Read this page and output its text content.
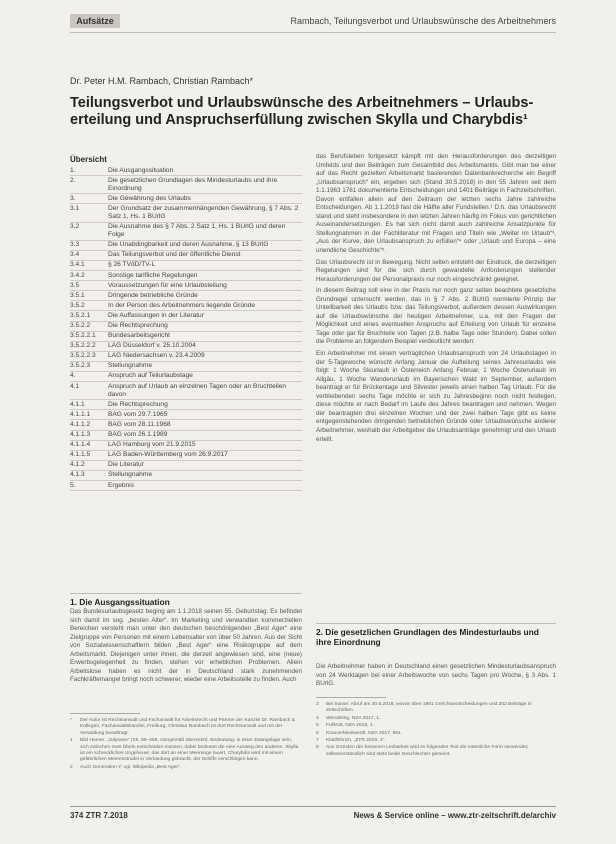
Aufsätze	Rambach, Teilungsverbot und Urlaubswünsche des Arbeitnehmers
Dr. Peter H.M. Rambach, Christian Rambach*
Teilungsverbot und Urlaubswünsche des Arbeitnehmers – Urlaubserteilung und Anspruchserfüllung zwischen Skylla und Charybdis¹
Übersicht
1.	Die Ausgangssituation
2.	Die gesetzlichen Grundlagen des Mindesturlaubs und ihre Einordnung
3.	Die Gewährung des Urlaubs
3.1	Der Grundsatz der zusammenhängenden Gewährung, § 7 Abs. 2 Satz 1, Hs. 1 BUrlG
3.2	Die Ausnahme des § 7 Abs. 2 Satz 1, Hs. 1 BUrlG und deren Folge
3.3	Die Unabdingbarkeit und deren Ausnahme, § 13 BUrlG
3.4	Das Teilungsverbot und der öffentliche Dienst
3.4.1	§ 26 TVöD/TV-L
3.4.2	Sonstige tarifliche Regelungen
3.5	Voraussetzungen für eine Urlaubsteilung
3.5.1	Dringende betriebliche Gründe
3.5.2	In der Person des Arbeitnehmers liegende Gründe
3.5.2.1	Die Auffassungen in der Literatur
3.5.2.2	Die Rechtsprechung
3.5.2.2.1	Bundesarbeitsgericht
3.5.2.2.2	LAG Düsseldorf v. 25.10.2004
3.5.2.2.3	LAG Niedersachsen v. 23.4.2009
3.5.2.3	Stellungnahme
4.	Anspruch auf Teilurlaubstage
4.1	Anspruch auf Urlaub an einzelnen Tagen oder an Bruchteilen davon
4.1.1	Die Rechtsprechung
4.1.1.1	BAG vom 29.7.1965
4.1.1.2	BAG vom 28.11.1968
4.1.1.3	BAG vom 26.1.1989
4.1.1.4	LAG Hamburg vom 21.9.2015
4.1.1.5	LAG Baden-Württemberg vom 26.9.2017
4.1.2	Die Literatur
4.1.3	Stellungnahme
5.	Ergebnis
1. Die Ausgangssituation

Das Bundesurlaubsgesetz beging am 1.1.2018 seinen 55. Geburtstag. Es befindet sich damit im sog. „besten Alter“. Im Marketing und verwandten kommerziellen Bereichen versteht man unter den deutschen beschönigenden „Best Ager“ eine Zielgruppe von Personen mit einem Lebensalter von über 50 Jahren. Aus der Sicht von Sozialwissenschaftlern bilden „Best Ager“ eine Risikogruppe auf dem Arbeitsmarkt. Diejenigen unter ihnen, die derzeit angewiesen sind, eine (neue) Erwerbsgelegenheit zu finden, stehen vor erheblichen Problemen. Allein Arbeitslose haben es nicht der in Deutschland stark zunehmenden Fachkräftemangel bringt noch schwerer, wieder eine Arbeitsstelle zu finden. Auch

*	Der Autor ist Rechtsanwalt und Fachanwalt für Arbeitsrecht und Partner der Kanzlei Dr. Rambach & Kollegen, Fachanwaltskanzlei, Freiburg; Christian Rambach ist dort Rechtsanwalt und mit der Verwaltung beauftragt.
1	Bild Homer: „Odyssee“ (XII, 85–259, sinngemäß übersetzt). Bedeutung: in einer Zwangslage sein, sich zwischen zwei Übeln entscheiden müssen, dabei bedeutet die eine Ausweg den anderen. Skylla ist ein schreckliches Ungeheuer, das dort an einer Meerenge lauert, Charybdis wird mit einem gefährlichen Meeresstrudel in Verbindung gebracht, der Schiffe verschlingen kann.
2	Auch Generation Y; vgl. Wikipedia „Best Ager“.

das Berufsleben fortgesetzt kämpft mit den Herausforderungen des derzeitigen Umfelds und den Beiträgen zum Gesamtbild des Arbeitsmarkts. Gibt man bei einer auf das Recht gezielten Arbeitsmarkt basierenden Datenbankrecherche ein Begriff „Urlaubsanspruch“ ein, ergeben sich (Stand 30.5.2018) in den 55 Jahren seit dem 1.1.1963 1761 dokumentierte Entscheidungen und 1401 Beiträge in Fachzeitschriften. Davon entfallen allein auf den Zeitraum der letzten sechs Jahre zahlreiche Entscheidungen. Ab 1.1.2019 fast die Hälfte aller Fundstellen.¹ D.h. das Urlaubsrecht stand und steht insbesondere in den letzten Jahren häufig im Fokus von gerichtlichen Auseinandersetzungen. Es hat sich nicht damit auch zahlreiche Ansatzpunkte für Stellungnahmen in der Fachliteratur mit Fragen und Titeln wie „Weiter im Urlaub“³, „Aus der Kurve, den Urlaubsanspruch zu erfüllen“⁴ oder „Urlaub und Europa – eine unendliche Geschichte“⁵.

Das Urlaubsrecht ist in Bewegung. Nicht selten entsteht der Eindruck, die derzeitigen Regelungen sind für die sich durch gewandelte Anforderungen stellender Herausforderungen der Personalpraxis nur noch eingeschränkt geeignet.

In diesem Beitrag soll eine in der Praxis nur noch ganz selten beachtete gesetzliche Grundregel untersucht werden, das in § 7 Abs. 2 BUrlG normierte Prinzip der Unteilbarkeit des Urlaubs bzw. das Teilungsverbot, außerdem dessen Auswirkungen auf die Urlaubswünsche der heutigen Arbeitnehmer, u.a. mit den Fragen der Möglichkeit und eines eventuellen Anspruchs auf Erteilung von Urlaub für einzelne Tage oder gar für Bruchteile von Tagen (z.B. halbe Tage oder Stunden). Dabei sollen die Probleme an folgendem Beispiel verdeutlicht werden:

Ein Arbeitnehmer mit einem vertraglichen Urlaubsanspruch von 24 Urlaubstagen in der 5-Tagewoche wünscht Anfang Januar die Aufteilung seines Jahresurlaubs wie folgt: 1 Woche Skiurlaub in Österreich Anfang Februar, 1 Woche Osterurlaub im Allgäu, 1 Woche Wanderurlaub im Bayerischen Wald im September, außerdem beantragt er für Brückentage und Silvester jeweils einen halben Tag Urlaub. Für die verbleibenden sechs Tage möchte er sich zu Jahresbeginn noch nicht festlegen; diese möchte er nach Bedarf im Laufe des Jahres beantragen und nehmen. Wegen der beantragten drei einzelnen Wochen und der zwei halben Tage gibt es keine entgegenstehenden dringenden betrieblichen Gründe oder Urlaubswünsche anderer Arbeitnehmer, weshalb der Arbeitgeber die Urlaubsanträge genehmigt und den Urlaub erteilt.

2. Die gesetzlichen Grundlagen des Mindesturlaubs und ihre Einordnung

Die Arbeitnehmer haben in Deutschland einen gesetzlichen Mindesturlaubsanspruch von 24 Werktagen bei einer Arbeitswoche von sechs Tagen pro Woche, § 3 Abs. 1 BUrlG.

3	Bei Sasse: Abruf am 30.5.2018; wovon über 1961 Gerichtsentscheidungen und 202 Beiträge in Zeitschriften.
4	Wendeling, NZA 2017, 1.
5	Fuhlrott, NZA 2018, 1.
6	Krause/Mestwerdt, NZA 2017, 961.
7	Klatt/Ehrich, „ZTR 2018, 1“.
8	Aus Gründen der besseren Lesbarkeit wird im folgenden Text die männliche Form verwendet; selbstverständlich sind stets beide Geschlechter gemeint.
374 ZTR 7.2018	News & Service online – www.ztr-zeitschrift.de/archiv
